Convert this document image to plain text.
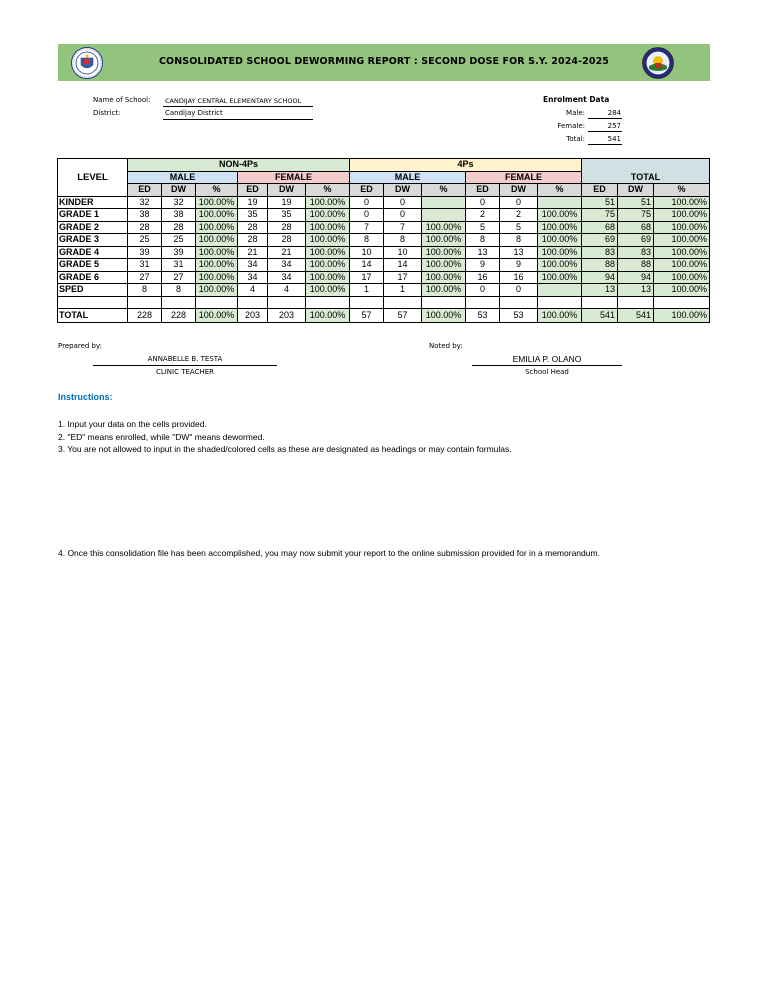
CONSOLIDATED SCHOOL DEWORMING REPORT : SECOND DOSE FOR S.Y. 2024-2025
Name of School: CANDIJAY CENTRAL ELEMENTARY SCHOOL
District:	Candijay District
Enrolment Data
Male:	284
Female:	257
Total:	541
LEVEL	NON-4Ps						4Ps								
	MALE			FEMALE			MALE			FEMALE			TOTAL		
	ED	DW	%	ED	DW	%	ED	DW	%	ED	DW	%	ED	DW	%
KINDER	32	32	100.00%	19	19	100.00%	0	0		0	0		51	51	100.00%
GRADE 1	38	38	100.00%	35	35	100.00%	0	0		2	2	100.00%	75	75	100.00%
GRADE 2	28	28	100.00%	28	28	100.00%	7	7	100.00%	5	5	100.00%	68	68	100.00%
GRADE 3	25	25	100.00%	28	28	100.00%	8	8	100.00%	8	8	100.00%	69	69	100.00%
GRADE 4	39	39	100.00%	21	21	100.00%	10	10	100.00%	13	13	100.00%	83	83	100.00%
GRADE 5	31	31	100.00%	34	34	100.00%	14	14	100.00%	9	9	100.00%	88	88	100.00%
GRADE 6	27	27	100.00%	34	34	100.00%	17	17	100.00%	16	16	100.00%	94	94	100.00%
SPED	8	8	100.00%	4	4	100.00%	1	1	100.00%	0	0		13	13	100.00%

TOTAL	228	228	100.00%	203	203	100.00%	57	57	100.00%	53	53	100.00%	541	541	100.00%
Prepared by:
ANNABELLE B. TESTA
CLINIC TEACHER
Noted by:
EMILIA P. OLANO
School Head
Instructions:
1. Input your data on the cells provided.
2. "ED" means enrolled, while "DW" means dewormed.
3. You are not allowed to input in the shaded/colored cells as these are designated as headings or may contain formulas.
4. Once this consolidation file has been accomplished, you may now submit your report to the online submission provided for in a memorandum.
